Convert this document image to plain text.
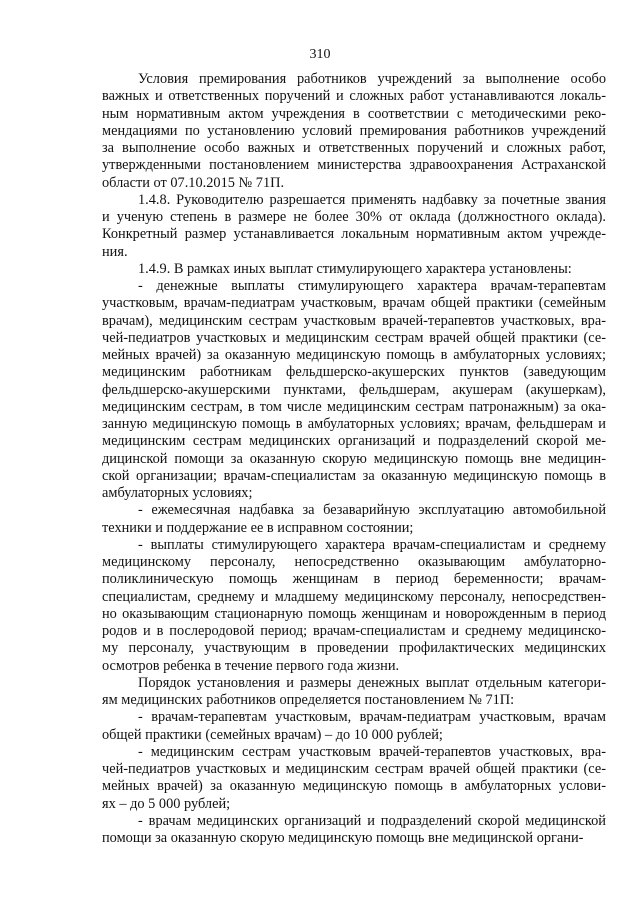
310

Условия премирования работников учреждений за выполнение особо

важных и ответственных поручений и сложных работ устанавливаются локаль-

ным нормативным актом учреждения в соответствии с методическими реко-

мендациями по установлению условий премирования работников учреждений

за выполнение особо важных и ответственных поручений и сложных работ,

утвержденными постановлением министерства здравоохранения Астраханской

области от 07.10.2015 № 71П.

1.4.8. Руководителю разрешается применять надбавку за почетные звания

и ученую степень в размере не более 30% от оклада (должностного оклада).

Конкретный размер устанавливается локальным нормативным актом учрежде-

ния.

1.4.9. В рамках иных выплат стимулирующего характера установлены:

- денежные выплаты стимулирующего характера врачам-терапевтам

участковым, врачам-педиатрам участковым, врачам общей практики (семейным

врачам), медицинским сестрам участковым врачей-терапевтов участковых, вра-

чей-педиатров участковых и медицинским сестрам врачей общей практики (се-

мейных врачей) за оказанную медицинскую помощь в амбулаторных условиях;

медицинским работникам фельдшерско-акушерских пунктов (заведующим

фельдшерско-акушерскими пунктами, фельдшерам, акушерам (акушеркам),

медицинским сестрам, в том числе медицинским сестрам патронажным) за ока-

занную медицинскую помощь в амбулаторных условиях; врачам, фельдшерам и

медицинским сестрам медицинских организаций и подразделений скорой ме-

дицинской помощи за оказанную скорую медицинскую помощь вне медицин-

ской организации; врачам-специалистам за оказанную медицинскую помощь в

амбулаторных условиях;

- ежемесячная надбавка за безаварийную эксплуатацию автомобильной

техники и поддержание ее в исправном состоянии;

- выплаты стимулирующего характера врачам-специалистам и среднему

медицинскому персоналу, непосредственно оказывающим амбулаторно-

поликлиническую помощь женщинам в период беременности; врачам-

специалистам, среднему и младшему медицинскому персоналу, непосредствен-

но оказывающим стационарную помощь женщинам и новорожденным в период

родов и в послеродовой период; врачам-специалистам и среднему медицинско-

му персоналу, участвующим в проведении профилактических медицинских

осмотров ребенка в течение первого года жизни.

Порядок установления и размеры денежных выплат отдельным категори-

ям медицинских работников определяется постановлением № 71П:

- врачам-терапевтам участковым, врачам-педиатрам участковым, врачам

общей практики (семейных врачам) – до 10 000 рублей;

- медицинским сестрам участковым врачей-терапевтов участковых, вра-

чей-педиатров участковых и медицинским сестрам врачей общей практики (се-

мейных врачей) за оказанную медицинскую помощь в амбулаторных услови-

ях – до 5 000 рублей;

- врачам медицинских организаций и подразделений скорой медицинской

помощи за оказанную скорую медицинскую помощь вне медицинской органи-
